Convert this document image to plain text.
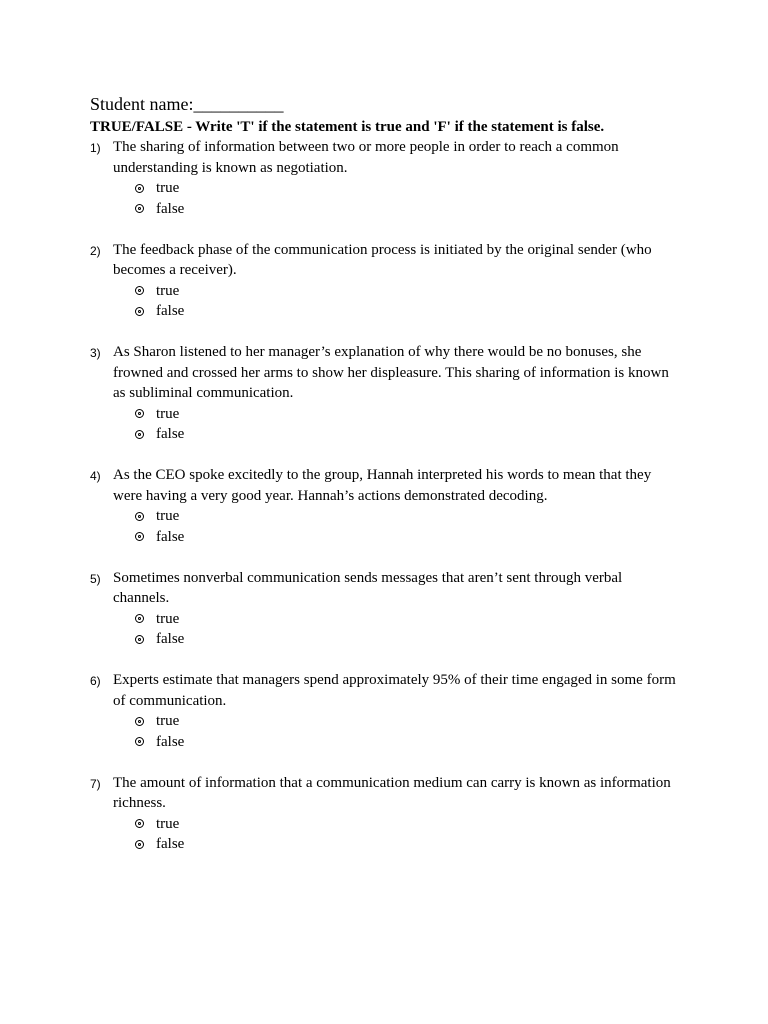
Student name:__________

TRUE/FALSE - Write 'T' if the statement is true and 'F' if the statement is false.

1) The sharing of information between two or more people in order to reach a common understanding is known as negotiation.
true
false
2) The feedback phase of the communication process is initiated by the original sender (who becomes a receiver).
true
false
3) As Sharon listened to her manager’s explanation of why there would be no bonuses, she frowned and crossed her arms to show her displeasure. This sharing of information is known as subliminal communication.
true
false
4) As the CEO spoke excitedly to the group, Hannah interpreted his words to mean that they were having a very good year. Hannah’s actions demonstrated decoding.
true
false
5) Sometimes nonverbal communication sends messages that aren’t sent through verbal channels.
true
false
6) Experts estimate that managers spend approximately 95% of their time engaged in some form of communication.
true
false
7) The amount of information that a communication medium can carry is known as information richness.
true
false
